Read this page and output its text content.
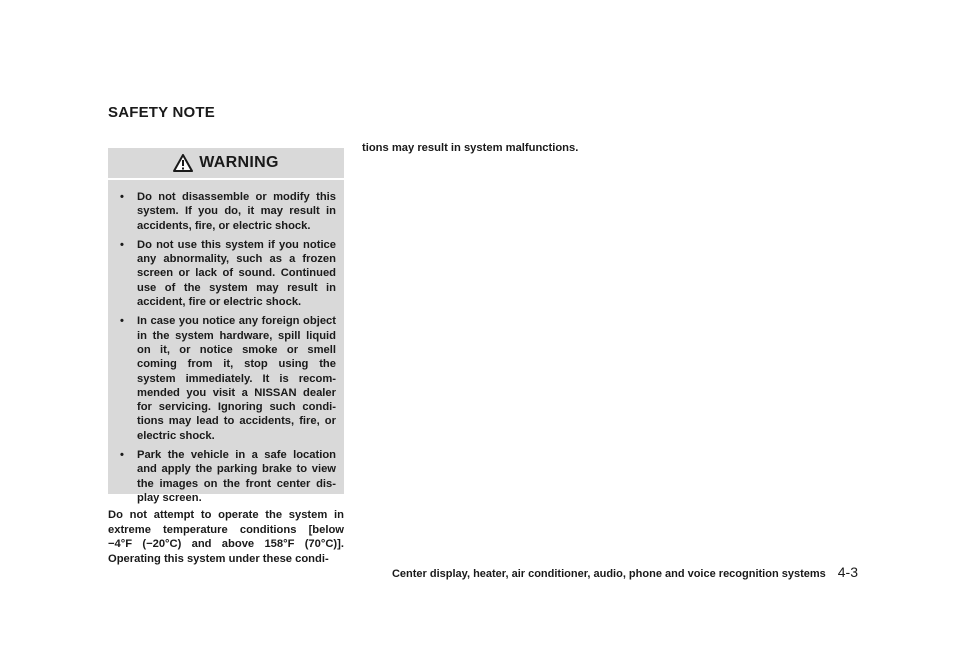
SAFETY NOTE
WARNING
• Do not disassemble or modify this system. If you do, it may result in accidents, fire, or electric shock.
• Do not use this system if you notice any abnormality, such as a frozen screen or lack of sound. Continued use of the system may result in accident, fire or electric shock.
• In case you notice any foreign object in the system hardware, spill liquid on it, or notice smoke or smell coming from it, stop using the system immediately. It is recom-mended you visit a NISSAN dealer for servicing. Ignoring such condi-tions may lead to accidents, fire, or electric shock.
• Park the vehicle in a safe location and apply the parking brake to view the images on the front center dis-play screen.

Do not attempt to operate the system in extreme temperature conditions [below −4°F (−20°C) and above 158°F (70°C)]. Operating this system under these condi-

tions may result in system malfunctions.

Center display, heater, air conditioner, audio, phone and voice recognition systems 4-3
